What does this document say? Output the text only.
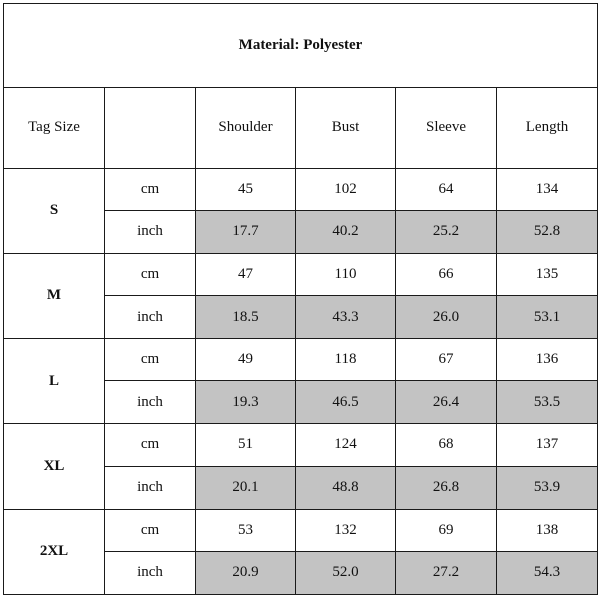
Material: Polyester					
Tag Size		Shoulder	Bust	Sleeve	Length
S	cm	45	102	64	134
	inch	17.7	40.2	25.2	52.8
M	cm	47	110	66	135
	inch	18.5	43.3	26.0	53.1
L	cm	49	118	67	136
	inch	19.3	46.5	26.4	53.5
XL	cm	51	124	68	137
	inch	20.1	48.8	26.8	53.9
2XL	cm	53	132	69	138
	inch	20.9	52.0	27.2	54.3
